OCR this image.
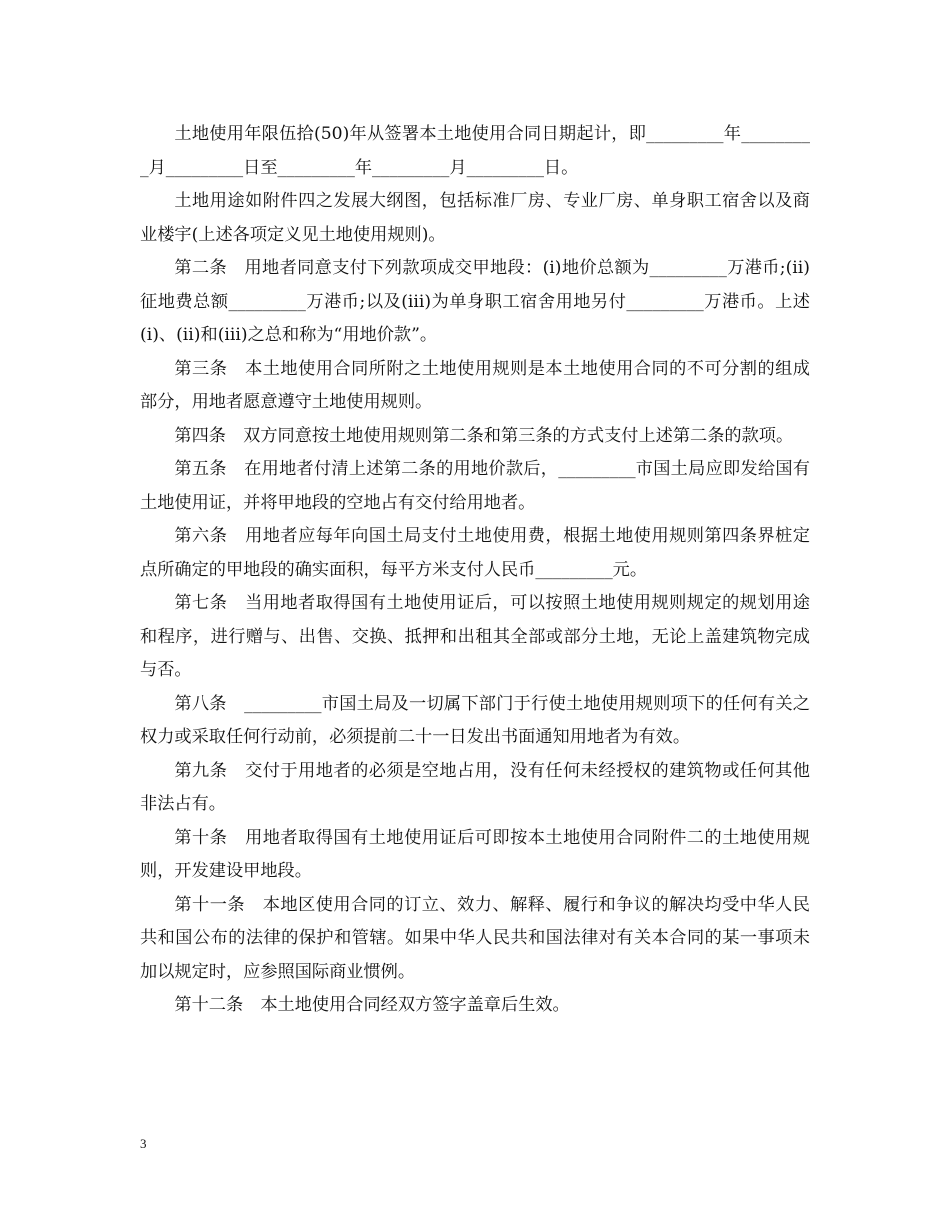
土地使用年限伍拾(50)年从签署本土地使用合同日期起计，即_________年_________月_________日至_________年_________月_________日。

土地用途如附件四之发展大纲图，包括标准厂房、专业厂房、单身职工宿舍以及商业楼宇(上述各项定义见土地使用规则)。

第二条　用地者同意支付下列款项成交甲地段：(i)地价总额为_________万港币;(ii)征地费总额_________万港币;以及(iii)为单身职工宿舍用地另付_________万港币。上述(i)、(ii)和(iii)之总和称为“用地价款”。

第三条　本土地使用合同所附之土地使用规则是本土地使用合同的不可分割的组成部分，用地者愿意遵守土地使用规则。

第四条　双方同意按土地使用规则第二条和第三条的方式支付上述第二条的款项。

第五条　在用地者付清上述第二条的用地价款后，_________市国土局应即发给国有土地使用证，并将甲地段的空地占有交付给用地者。

第六条　用地者应每年向国土局支付土地使用费，根据土地使用规则第四条界桩定点所确定的甲地段的确实面积，每平方米支付人民币_________元。

第七条　当用地者取得国有土地使用证后，可以按照土地使用规则规定的规划用途和程序，进行赠与、出售、交换、抵押和出租其全部或部分土地，无论上盖建筑物完成与否。

第八条　_________市国土局及一切属下部门于行使土地使用规则项下的任何有关之权力或采取任何行动前，必须提前二十一日发出书面通知用地者为有效。

第九条　交付于用地者的必须是空地占用，没有任何未经授权的建筑物或任何其他非法占有。

第十条　用地者取得国有土地使用证后可即按本土地使用合同附件二的土地使用规则，开发建设甲地段。

第十一条　本地区使用合同的订立、效力、解释、履行和争议的解决均受中华人民共和国公布的法律的保护和管辖。如果中华人民共和国法律对有关本合同的某一事项未加以规定时，应参照国际商业惯例。

第十二条　本土地使用合同经双方签字盖章后生效。

3
